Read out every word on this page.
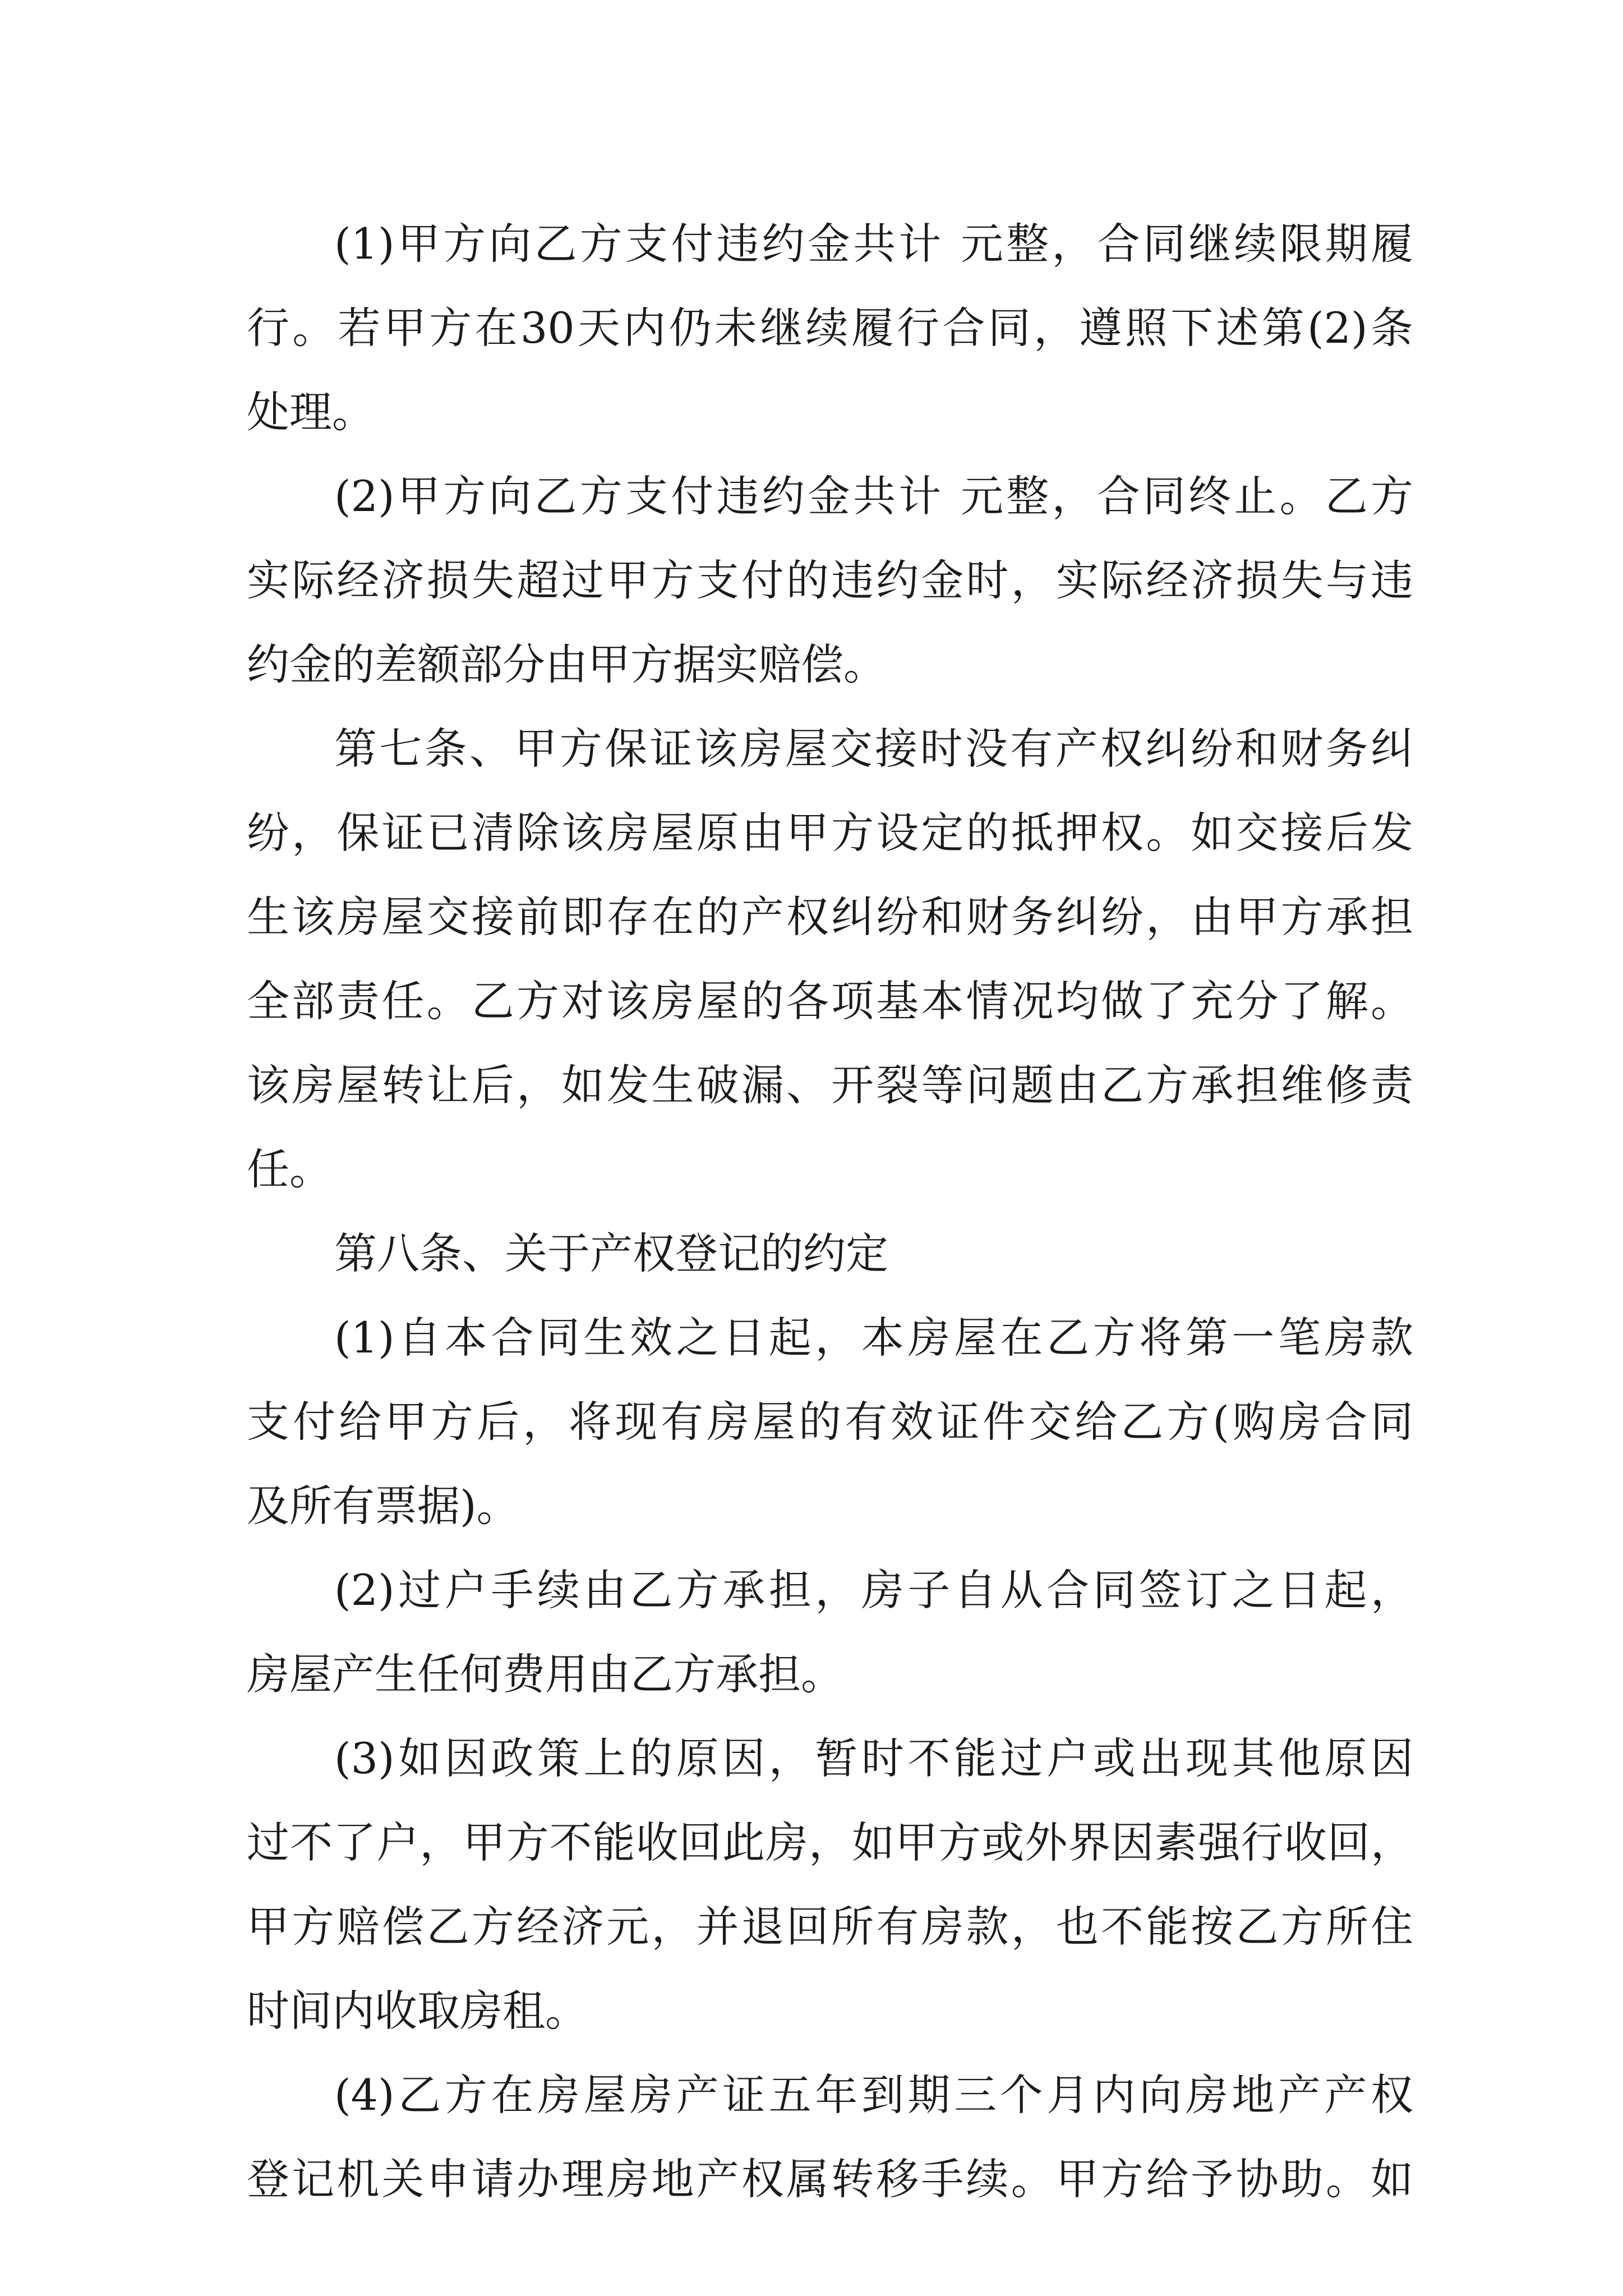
(1)甲方向乙方支付违约金共计 元整，合同继续限期履
行。若甲方在30天内仍未继续履行合同，遵照下述第(2)条
处理。
(2)甲方向乙方支付违约金共计 元整，合同终止。乙方
实际经济损失超过甲方支付的违约金时，实际经济损失与违
约金的差额部分由甲方据实赔偿。
第七条、甲方保证该房屋交接时没有产权纠纷和财务纠
纷，保证已清除该房屋原由甲方设定的抵押权。如交接后发
生该房屋交接前即存在的产权纠纷和财务纠纷，由甲方承担
全部责任。乙方对该房屋的各项基本情况均做了充分了解。
该房屋转让后，如发生破漏、开裂等问题由乙方承担维修责
任。
第八条、关于产权登记的约定
(1)自本合同生效之日起，本房屋在乙方将第一笔房款
支付给甲方后，将现有房屋的有效证件交给乙方(购房合同
及所有票据)。
(2)过户手续由乙方承担，房子自从合同签订之日起，
房屋产生任何费用由乙方承担。
(3)如因政策上的原因，暂时不能过户或出现其他原因
过不了户，甲方不能收回此房，如甲方或外界因素强行收回，
甲方赔偿乙方经济元，并退回所有房款，也不能按乙方所住
时间内收取房租。
(4)乙方在房屋房产证五年到期三个月内向房地产产权
登记机关申请办理房地产权属转移手续。甲方给予协助。如
